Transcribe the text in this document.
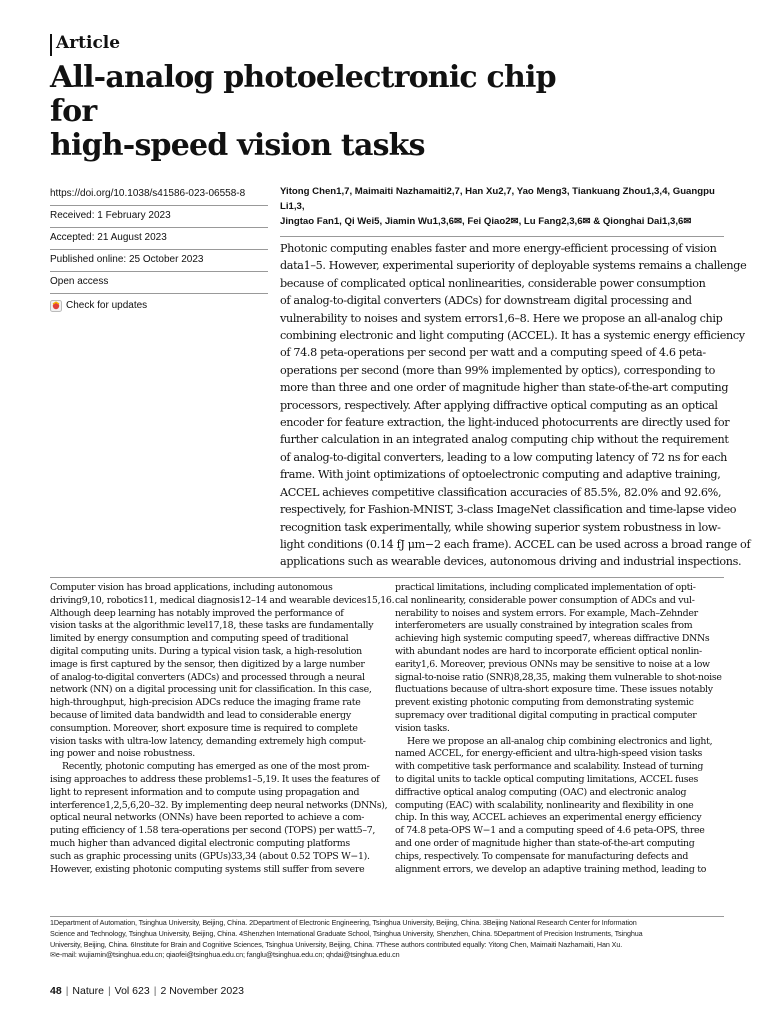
Article
All-analog photoelectronic chip for
high-speed vision tasks
https://doi.org/10.1038/s41586-023-06558-8
Received: 1 February 2023
Accepted: 21 August 2023
Published online: 25 October 2023
Open access
Check for updates
Yitong Chen1,7, Maimaiti Nazhamaiti2,7, Han Xu2,7, Yao Meng3, Tiankuang Zhou1,3,4, Guangpu Li1,3,
Jingtao Fan1, Qi Wei5, Jiamin Wu1,3,6✉, Fei Qiao2✉, Lu Fang2,3,6✉ & Qionghai Dai1,3,6✉
Photonic computing enables faster and more energy-efficient processing of vision
data1–5. However, experimental superiority of deployable systems remains a challenge
because of complicated optical nonlinearities, considerable power consumption
of analog-to-digital converters (ADCs) for downstream digital processing and
vulnerability to noises and system errors1,6–8. Here we propose an all-analog chip
combining electronic and light computing (ACCEL). It has a systemic energy efficiency
of 74.8 peta-operations per second per watt and a computing speed of 4.6 peta-
operations per second (more than 99% implemented by optics), corresponding to
more than three and one order of magnitude higher than state-of-the-art computing
processors, respectively. After applying diffractive optical computing as an optical
encoder for feature extraction, the light-induced photocurrents are directly used for
further calculation in an integrated analog computing chip without the requirement
of analog-to-digital converters, leading to a low computing latency of 72 ns for each
frame. With joint optimizations of optoelectronic computing and adaptive training,
ACCEL achieves competitive classification accuracies of 85.5%, 82.0% and 92.6%,
respectively, for Fashion-MNIST, 3-class ImageNet classification and time-lapse video
recognition task experimentally, while showing superior system robustness in low-
light conditions (0.14 fJ μm−2 each frame). ACCEL can be used across a broad range of
applications such as wearable devices, autonomous driving and industrial inspections.
Computer vision has broad applications, including autonomous
driving9,10, robotics11, medical diagnosis12–14 and wearable devices15,16.
Although deep learning has notably improved the performance of
vision tasks at the algorithmic level17,18, these tasks are fundamentally
limited by energy consumption and computing speed of traditional
digital computing units. During a typical vision task, a high-resolution
image is first captured by the sensor, then digitized by a large number
of analog-to-digital converters (ADCs) and processed through a neural
network (NN) on a digital processing unit for classification. In this case,
high-throughput, high-precision ADCs reduce the imaging frame rate
because of limited data bandwidth and lead to considerable energy
consumption. Moreover, short exposure time is required to complete
vision tasks with ultra-low latency, demanding extremely high comput-
ing power and noise robustness.
Recently, photonic computing has emerged as one of the most prom-
ising approaches to address these problems1–5,19. It uses the features of
light to represent information and to compute using propagation and
interference1,2,5,6,20–32. By implementing deep neural networks (DNNs),
optical neural networks (ONNs) have been reported to achieve a com-
puting efficiency of 1.58 tera-operations per second (TOPS) per watt5–7,
much higher than advanced digital electronic computing platforms
such as graphic processing units (GPUs)33,34 (about 0.52 TOPS W−1).
However, existing photonic computing systems still suffer from severe
practical limitations, including complicated implementation of opti-
cal nonlinearity, considerable power consumption of ADCs and vul-
nerability to noises and system errors. For example, Mach–Zehnder
interferometers are usually constrained by integration scales from
achieving high systemic computing speed7, whereas diffractive DNNs
with abundant nodes are hard to incorporate efficient optical nonlin-
earity1,6. Moreover, previous ONNs may be sensitive to noise at a low
signal-to-noise ratio (SNR)8,28,35, making them vulnerable to shot-noise
fluctuations because of ultra-short exposure time. These issues notably
prevent existing photonic computing from demonstrating systemic
supremacy over traditional digital computing in practical computer
vision tasks.
Here we propose an all-analog chip combining electronics and light,
named ACCEL, for energy-efficient and ultra-high-speed vision tasks
with competitive task performance and scalability. Instead of turning
to digital units to tackle optical computing limitations, ACCEL fuses
diffractive optical analog computing (OAC) and electronic analog
computing (EAC) with scalability, nonlinearity and flexibility in one
chip. In this way, ACCEL achieves an experimental energy efficiency
of 74.8 peta-OPS W−1 and a computing speed of 4.6 peta-OPS, three
and one order of magnitude higher than state-of-the-art computing
chips, respectively. To compensate for manufacturing defects and
alignment errors, we develop an adaptive training method, leading to
1Department of Automation, Tsinghua University, Beijing, China. 2Department of Electronic Engineering, Tsinghua University, Beijing, China. 3Beijing National Research Center for Information
Science and Technology, Tsinghua University, Beijing, China. 4Shenzhen International Graduate School, Tsinghua University, Shenzhen, China. 5Department of Precision Instruments, Tsinghua
University, Beijing, China. 6Institute for Brain and Cognitive Sciences, Tsinghua University, Beijing, China. 7These authors contributed equally: Yitong Chen, Maimaiti Nazhamaiti, Han Xu.
✉e-mail: wujiamin@tsinghua.edu.cn; qiaofei@tsinghua.edu.cn; fanglu@tsinghua.edu.cn; qhdai@tsinghua.edu.cn
48 | Nature | Vol 623 | 2 November 2023
